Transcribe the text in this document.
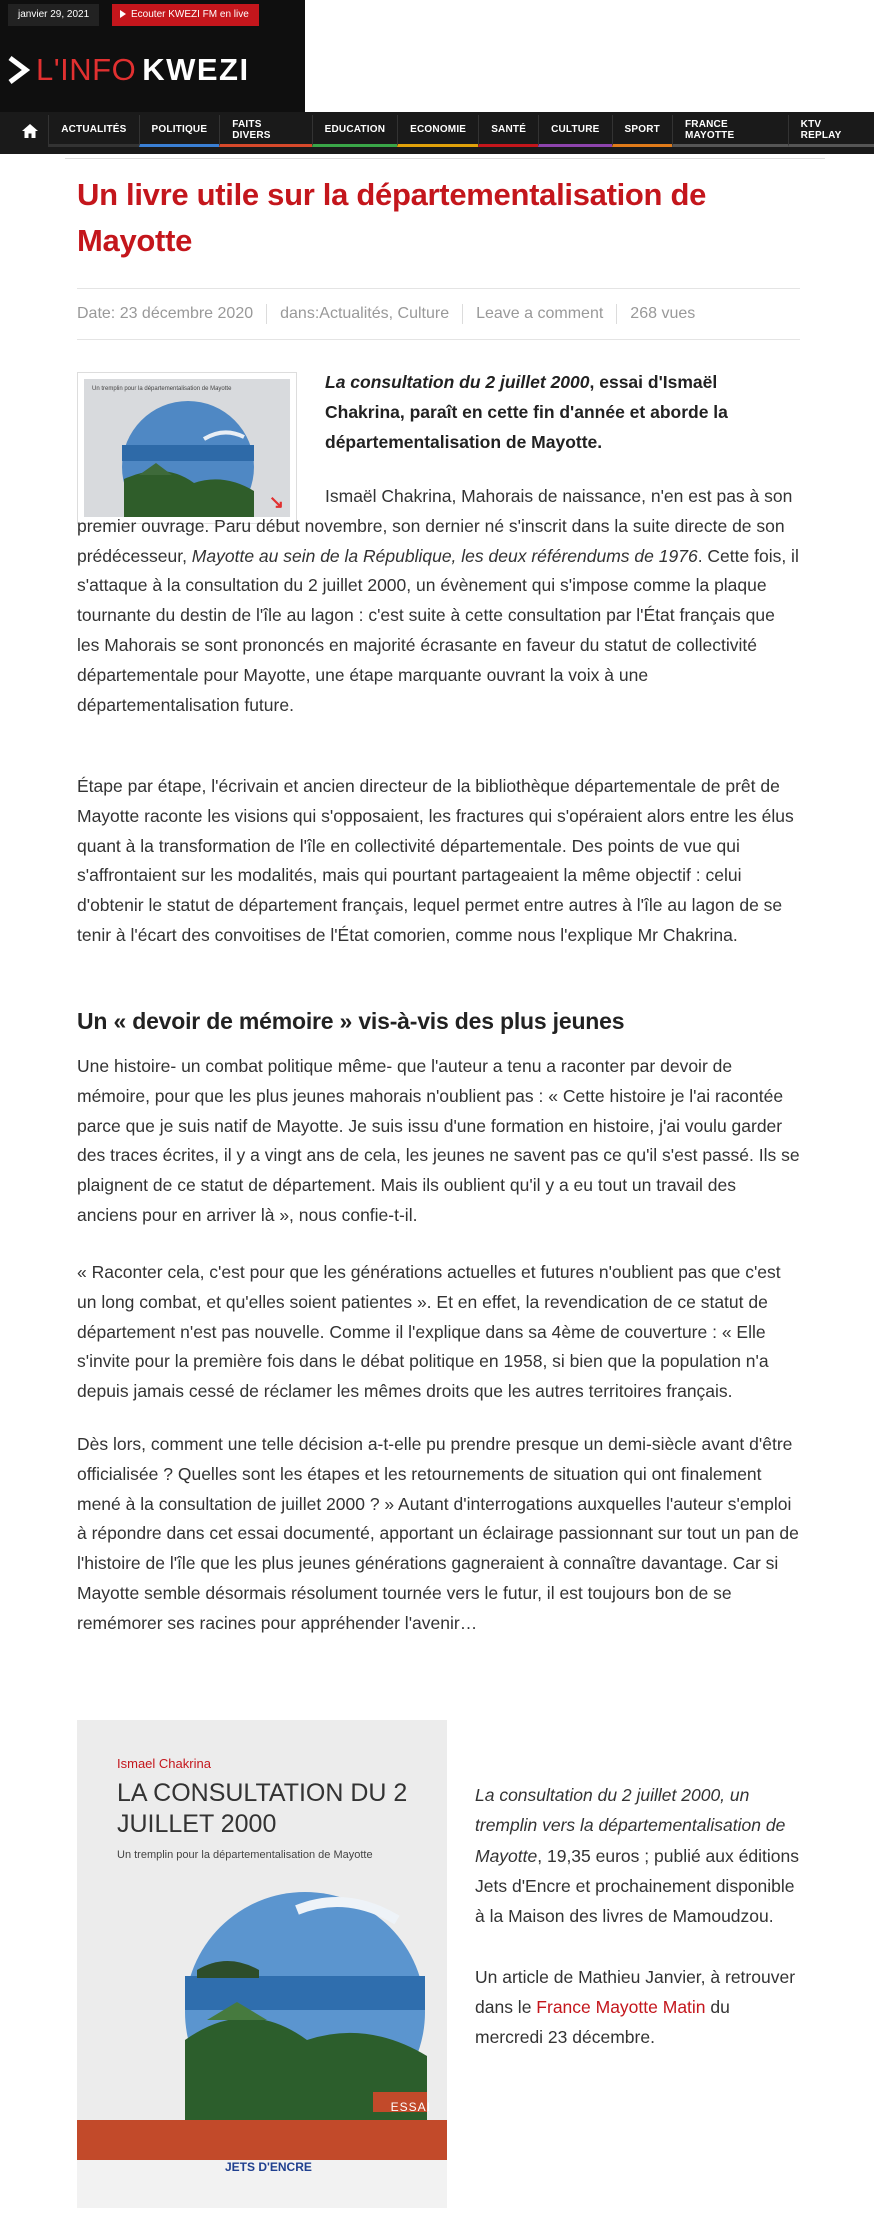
janvier 29, 2021	Ecouter KWEZI FM en live
L'INFO KWEZI
ACTUALITÉS	POLITIQUE	FAITS DIVERS	EDUCATION	ECONOMIE	SANTÉ	CULTURE	SPORT	FRANCE MAYOTTE
KTV REPLAY
Un livre utile sur la départementalisation de Mayotte
Date: 23 décembre 2020 dans:Actualités, Culture Leave a comment 268 vues
Un tremplin pour la départementalisation de Mayotte
↘

La consultation du 2 juillet 2000, essai d'Ismaël Chakrina, paraît en cette fin d'année et aborde la départementalisation de Mayotte.

Ismaël Chakrina, Mahorais de naissance, n'en est pas à son premier ouvrage. Paru début novembre, son dernier né s'inscrit dans la suite directe de son prédécesseur, Mayotte au sein de la République, les deux référendums de 1976. Cette fois, il s'attaque à la consultation du 2 juillet 2000, un évènement qui s'impose comme la plaque tournante du destin de l'île au lagon : c'est suite à cette consultation par l'État français que les Mahorais se sont prononcés en majorité écrasante en faveur du statut de collectivité départementale pour Mayotte, une étape marquante ouvrant la voix à une départementalisation future.

Étape par étape, l'écrivain et ancien directeur de la bibliothèque départementale de prêt de Mayotte raconte les visions qui s'opposaient, les fractures qui s'opéraient alors entre les élus quant à la transformation de l'île en collectivité départementale. Des points de vue qui s'affrontaient sur les modalités, mais qui pourtant partageaient la même objectif : celui d'obtenir le statut de département français, lequel permet entre autres à l'île au lagon de se tenir à l'écart des convoitises de l'État comorien, comme nous l'explique Mr Chakrina.

Un « devoir de mémoire » vis-à-vis des plus jeunes

Une histoire- un combat politique même- que l'auteur a tenu a raconter par devoir de mémoire, pour que les plus jeunes mahorais n'oublient pas : « Cette histoire je l'ai racontée parce que je suis natif de Mayotte. Je suis issu d'une formation en histoire, j'ai voulu garder des traces écrites, il y a vingt ans de cela, les jeunes ne savent pas ce qu'il s'est passé. Ils se plaignent de ce statut de département. Mais ils oublient qu'il y a eu tout un travail des anciens pour en arriver là », nous confie-t-il.

« Raconter cela, c'est pour que les générations actuelles et futures n'oublient pas que c'est un long combat, et qu'elles soient patientes ». Et en effet, la revendication de ce statut de département n'est pas nouvelle. Comme il l'explique dans sa 4ème de couverture : « Elle s'invite pour la première fois dans le débat politique en 1958, si bien que la population n'a depuis jamais cessé de réclamer les mêmes droits que les autres territoires français.

Dès lors, comment une telle décision a-t-elle pu prendre presque un demi-siècle avant d'être officialisée ? Quelles sont les étapes et les retournements de situation qui ont finalement mené à la consultation de juillet 2000 ? » Autant d'interrogations auxquelles l'auteur s'emploi à répondre dans cet essai documenté, apportant un éclairage passionnant sur tout un pan de l'histoire de l'île que les plus jeunes générations gagneraient à connaître davantage. Car si Mayotte semble désormais résolument tournée vers le futur, il est toujours bon de se remémorer ses racines pour appréhender l'avenir…

Ismael Chakrina
LA CONSULTATION DU 2 JUILLET 2000
Un tremplin pour la départementalisation de Mayotte
ESSAI
JETS D'ENCRE

La consultation du 2 juillet 2000, un tremplin vers la départementalisation de Mayotte, 19,35 euros ; publié aux éditions Jets d'Encre et prochainement disponible à la Maison des livres de Mamoudzou.

Un article de Mathieu Janvier, à retrouver dans le France Mayotte Matin du mercredi 23 décembre.
